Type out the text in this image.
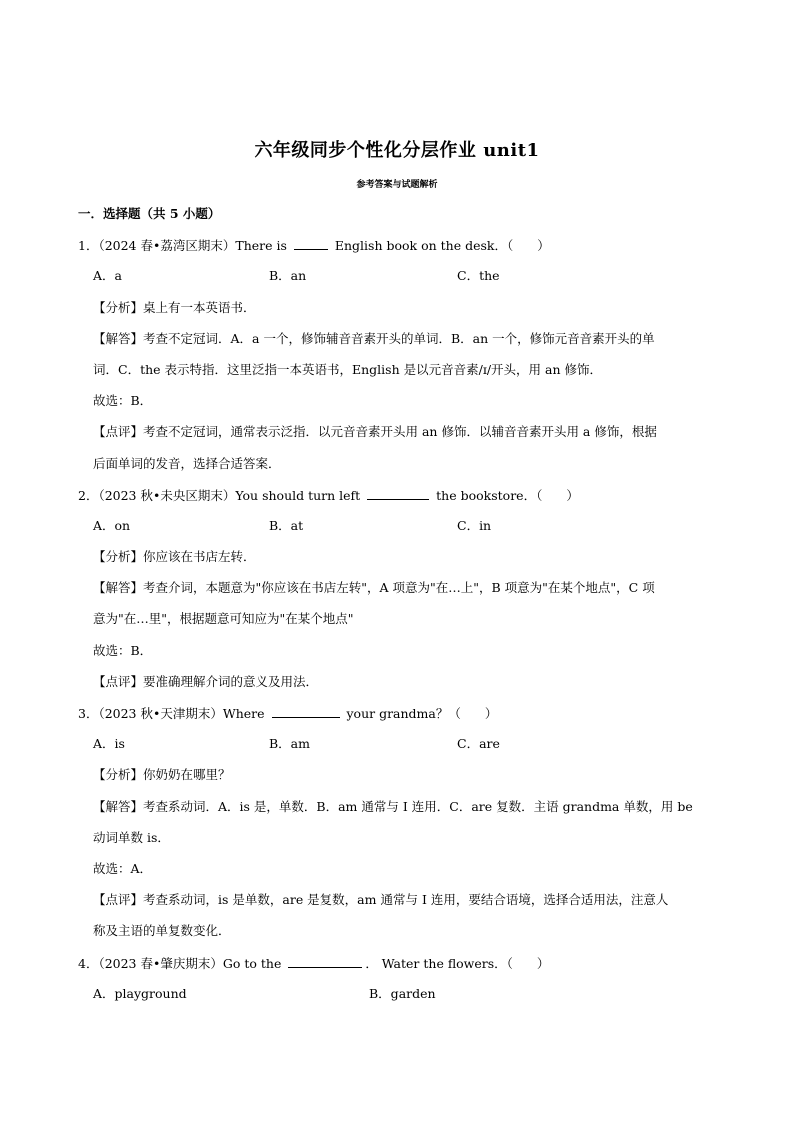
六年级同步个性化分层作业 unit1
参考答案与试题解析
一．选择题（共 5 小题）
1．（2024 春•荔湾区期末）There is	English book on the desk．（ ）
A．a	B．an	C．the
【分析】桌上有一本英语书．
【解答】考查不定冠词．A．a 一个，修饰辅音音素开头的单词．B．an 一个，修饰元音音素开头的单
词．C．the 表示特指．这里泛指一本英语书，English 是以元音音素/ɪ/开头，用 an 修饰．
故选：B．
【点评】考查不定冠词，通常表示泛指．以元音音素开头用 an 修饰．以辅音音素开头用 a 修饰，根据
后面单词的发音，选择合适答案．
2．（2023 秋•未央区期末）You should turn left	the bookstore．（ ）
A．on	B．at	C．in
【分析】你应该在书店左转．
【解答】考查介词，本题意为"你应该在书店左转"，A 项意为"在…上"，B 项意为"在某个地点"，C 项
意为"在…里"，根据题意可知应为"在某个地点"
故选：B．
【点评】要准确理解介词的意义及用法．
3．（2023 秋•天津期末）Where	your grandma？（ ）
A．is	B．am	C．are
【分析】你奶奶在哪里？
【解答】考查系动词．A．is 是，单数．B．am 通常与 I 连用．C．are 复数．主语 grandma 单数，用 be
动词单数 is．
故选：A．
【点评】考查系动词，is 是单数，are 是复数，am 通常与 I 连用，要结合语境，选择合适用法，注意人
称及主语的单复数变化．
4．（2023 春•肇庆期末）Go to the	． Water the flowers．（ ）
A．playground	B．garden
